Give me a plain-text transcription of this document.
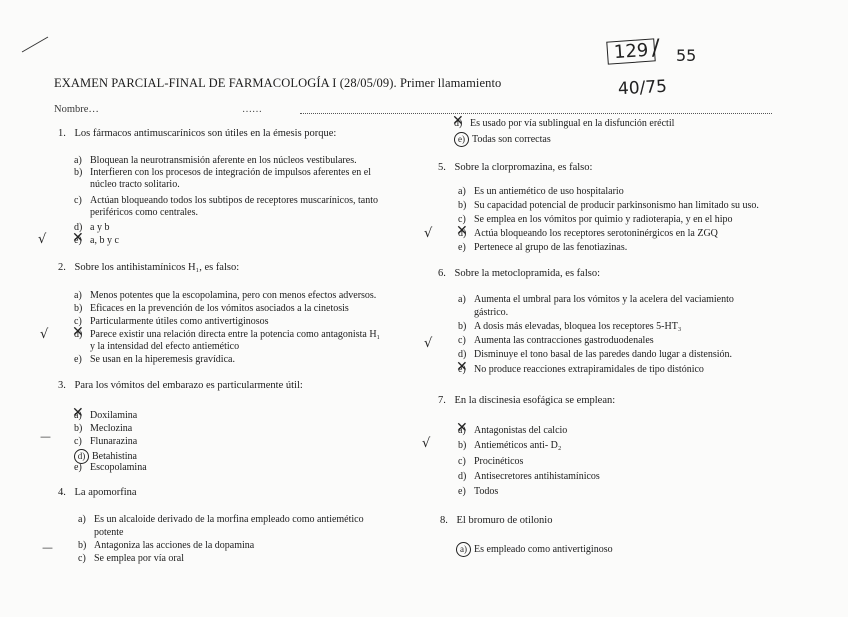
129 / 55
40/75
EXAMEN PARCIAL-FINAL DE FARMACOLOGÍA I (28/05/09). Primer llamamiento
Nombre…	……
1. Los fármacos antimuscarínicos son útiles en la émesis porque:
a) Bloquean la neurotransmisión aferente en los núcleos vestibulares.
b) Interfieren con los procesos de integración de impulsos aferentes en el
núcleo tracto solitario.
c) Actúan bloqueando todos los subtipos de receptores muscarínicos, tanto
periféricos como centrales.
d) a y b
e) ✕ a, b y c
√
2. Sobre los antihistamínicos H₁, es falso:
a) Menos potentes que la escopolamina, pero con menos efectos adversos.
b) Eficaces en la prevención de los vómitos asociados a la cinetosis
c) Particularmente útiles como antivertiginosos
d) ✕ Parece existir una relación directa entre la potencia como antagonista H₁
y la intensidad del efecto antiemético
e) Se usan en la hiperemesis gravídica.
√
3. Para los vómitos del embarazo es particularmente útil:
a) ✕ Doxilamina
b) Meclozina
c) Flunarazina
d) Betahistina
e) Escopolamina
—
4. La apomorfina
a) Es un alcaloide derivado de la morfina empleado como antiemético
potente
b) Antagoniza las acciones de la dopamina
c) Se emplea por vía oral
—
d) ✕ Es usado por vía sublingual en la disfunción eréctil
e) Todas son correctas
5. Sobre la clorpromazina, es falso:
a) Es un antiemético de uso hospitalario
b) Su capacidad potencial de producir parkinsonismo han limitado su uso.
c) Se emplea en los vómitos por quimio y radioterapia, y en el hipo
d) ✕ Actúa bloqueando los receptores serotoninérgicos en la ZGQ
e) Pertenece al grupo de las fenotiazinas.
√
6. Sobre la metoclopramida, es falso:
a) Aumenta el umbral para los vómitos y la acelera del vaciamiento
gástrico.
b) A dosis más elevadas, bloquea los receptores 5-HT₃
c) Aumenta las contracciones gastroduodenales
d) Disminuye el tono basal de las paredes dando lugar a distensión.
e) ✕ No produce reacciones extrapiramidales de tipo distónico
√
7. En la discinesia esofágica se emplean:
a) ✕ Antagonistas del calcio
b) Antieméticos anti- D₂
c) Procinéticos
d) Antisecretores antihistamínicos
e) Todos
√
8. El bromuro de otilonio
a) Es empleado como antivertiginoso
